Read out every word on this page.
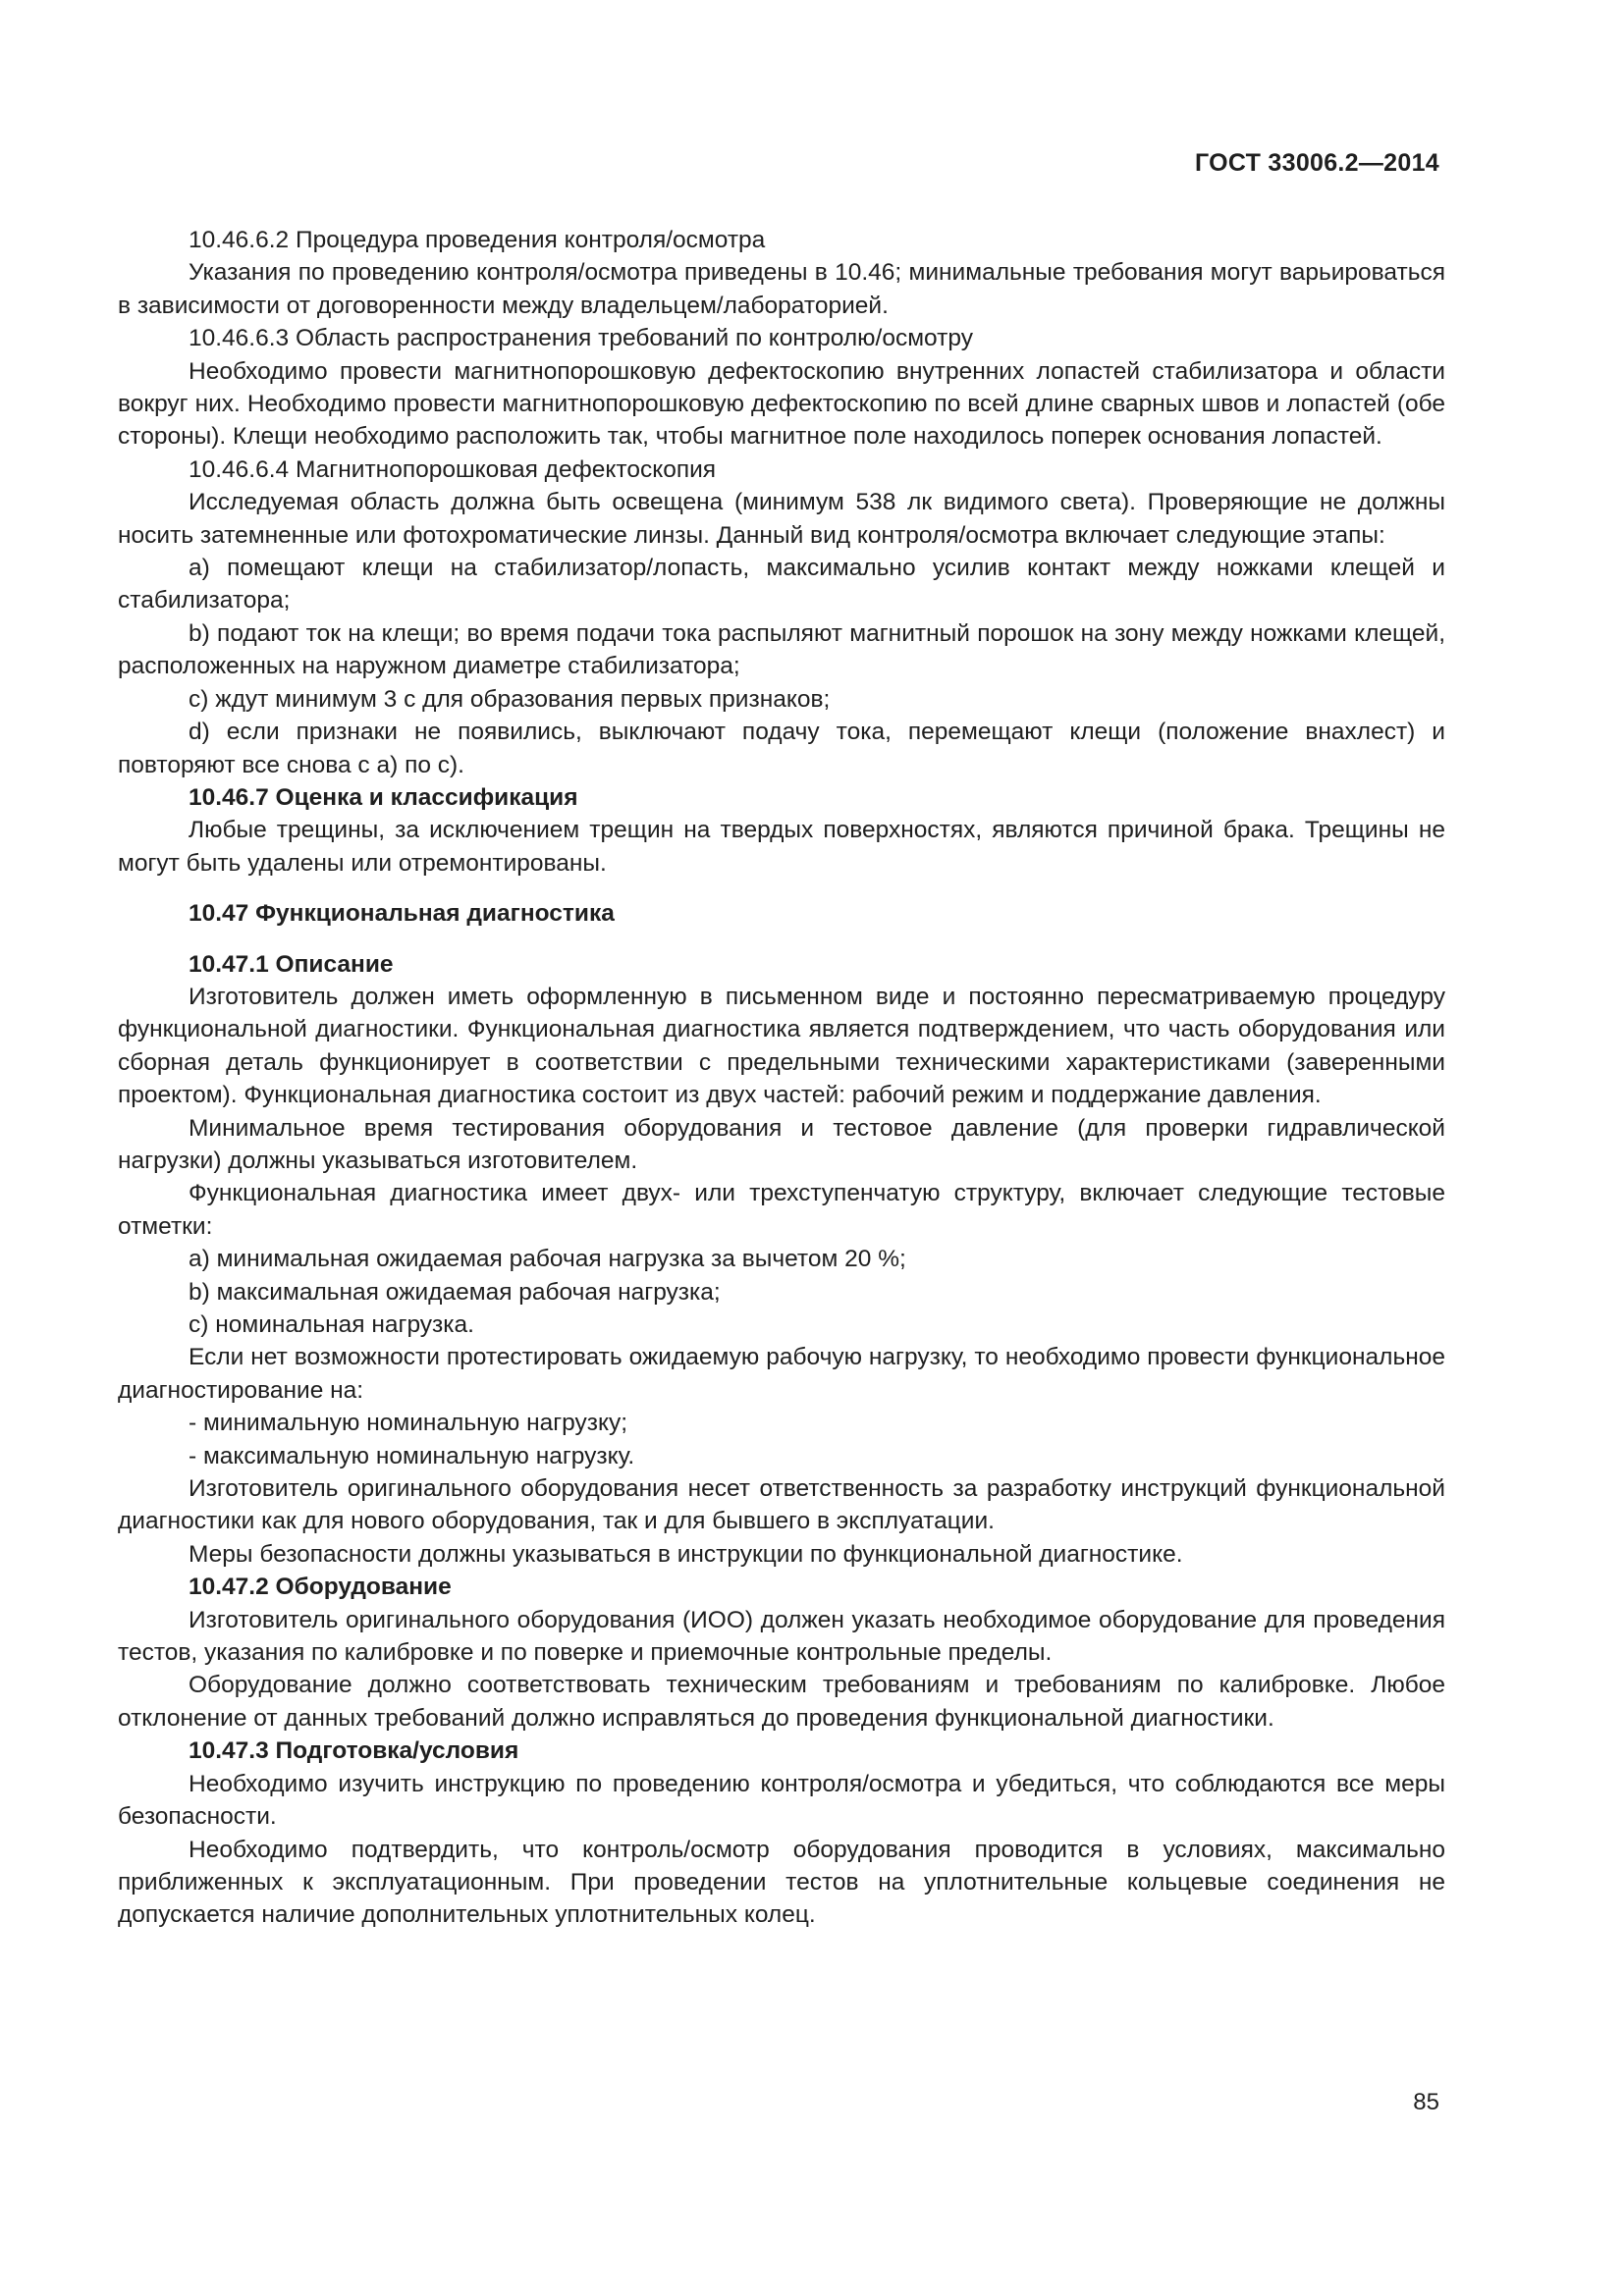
ГОСТ 33006.2—2014

10.46.6.2 Процедура проведения контроля/осмотра

Указания по проведению контроля/осмотра приведены в 10.46; минимальные требования могут варьироваться в зависимости от договоренности между владельцем/лабораторией.

10.46.6.3 Область распространения требований по контролю/осмотру

Необходимо провести магнитнопорошковую дефектоскопию внутренних лопастей стабилизатора и области вокруг них. Необходимо провести магнитнопорошковую дефектоскопию по всей длине сварных швов и лопастей (обе стороны). Клещи необходимо расположить так, чтобы магнитное поле находилось поперек основания лопастей.

10.46.6.4 Магнитнопорошковая дефектоскопия

Исследуемая область должна быть освещена (минимум 538 лк видимого света). Проверяющие не должны носить затемненные или фотохроматические линзы. Данный вид контроля/осмотра включает следующие этапы:

а) помещают клещи на стабилизатор/лопасть, максимально усилив контакт между ножками клещей и стабилизатора;

b) подают ток на клещи; во время подачи тока распыляют магнитный порошок на зону между ножками клещей, расположенных на наружном диаметре стабилизатора;

c) ждут минимум 3 с для образования первых признаков;

d) если признаки не появились, выключают подачу тока, перемещают клещи (положение внахлест) и повторяют все снова с а) по с).

10.46.7 Оценка и классификация

Любые трещины, за исключением трещин на твердых поверхностях, являются причиной брака. Трещины не могут быть удалены или отремонтированы.

10.47 Функциональная диагностика

10.47.1 Описание

Изготовитель должен иметь оформленную в письменном виде и постоянно пересматриваемую процедуру функциональной диагностики. Функциональная диагностика является подтверждением, что часть оборудования или сборная деталь функционирует в соответствии с предельными техническими характеристиками (заверенными проектом). Функциональная диагностика состоит из двух частей: рабочий режим и поддержание давления.

Минимальное время тестирования оборудования и тестовое давление (для проверки гидравлической нагрузки) должны указываться изготовителем.

Функциональная диагностика имеет двух- или трехступенчатую структуру, включает следующие тестовые отметки:

а) минимальная ожидаемая рабочая нагрузка за вычетом 20 %;

b) максимальная ожидаемая рабочая нагрузка;

с) номинальная нагрузка.

Если нет возможности протестировать ожидаемую рабочую нагрузку, то необходимо провести функциональное диагностирование на:

- минимальную номинальную нагрузку;

- максимальную номинальную нагрузку.

Изготовитель оригинального оборудования несет ответственность за разработку инструкций функциональной диагностики как для нового оборудования, так и для бывшего в эксплуатации.

Меры безопасности должны указываться в инструкции по функциональной диагностике.

10.47.2 Оборудование

Изготовитель оригинального оборудования (ИОО) должен указать необходимое оборудование для проведения тестов, указания по калибровке и по поверке и приемочные контрольные пределы.

Оборудование должно соответствовать техническим требованиям и требованиям по калибровке. Любое отклонение от данных требований должно исправляться до проведения функциональной диагностики.

10.47.3 Подготовка/условия

Необходимо изучить инструкцию по проведению контроля/осмотра и убедиться, что соблюдаются все меры безопасности.

Необходимо подтвердить, что контроль/осмотр оборудования проводится в условиях, максимально приближенных к эксплуатационным. При проведении тестов на уплотнительные кольцевые соединения не допускается наличие дополнительных уплотнительных колец.

85
